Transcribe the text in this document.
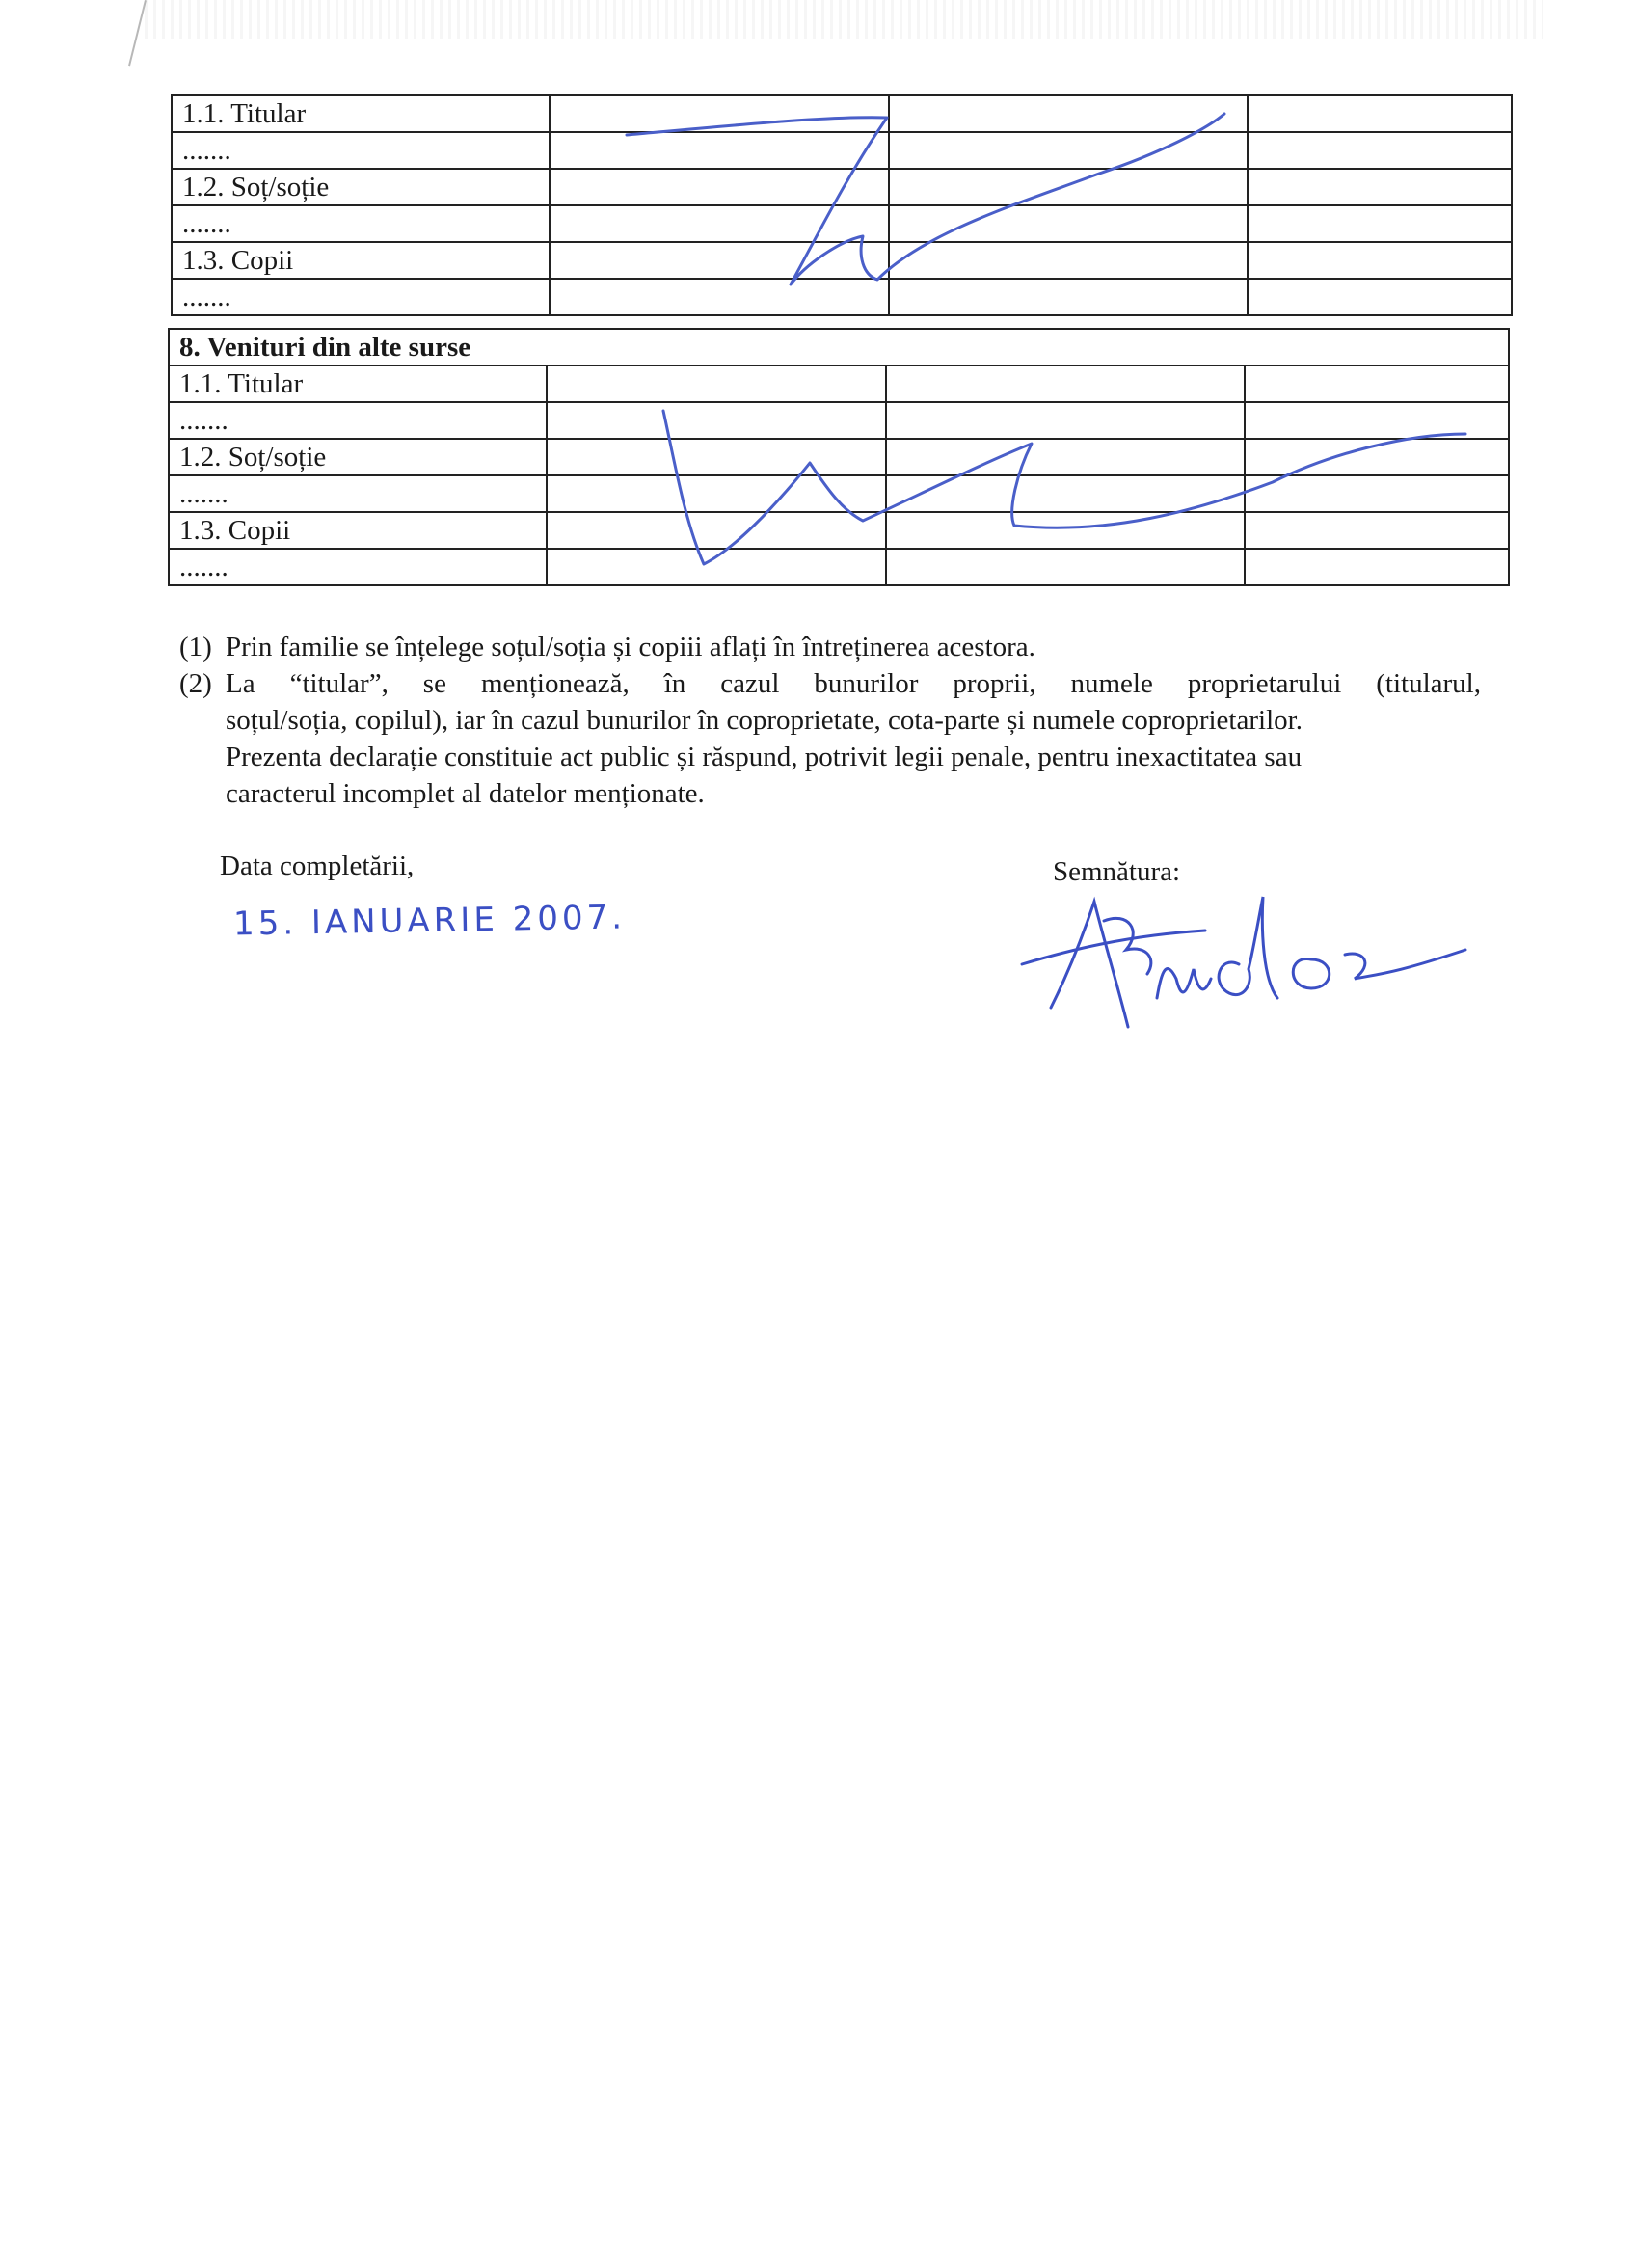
1.1. Titular			
.......			
1.2. Soț/soție			
.......			
1.3. Copii			
.......			
8. Venituri din alte surse			
1.1. Titular			
.......			
1.2. Soț/soție			
.......			
1.3. Copii			
.......			
(1) Prin familie se înțelege soțul/soția și copiii aflați în întreținerea acestora.
(2) La “titular”, se menționează, în cazul bunurilor proprii, numele proprietarului (titularul,
soțul/soția, copilul), iar în cazul bunurilor în coproprietate, cota-parte și numele coproprietarilor.
Prezenta declarație constituie act public și răspund, potrivit legii penale, pentru inexactitatea sau
caracterul incomplet al datelor menționate.
Data completării,	Semnătura:
15. IANUARIE 2007.
